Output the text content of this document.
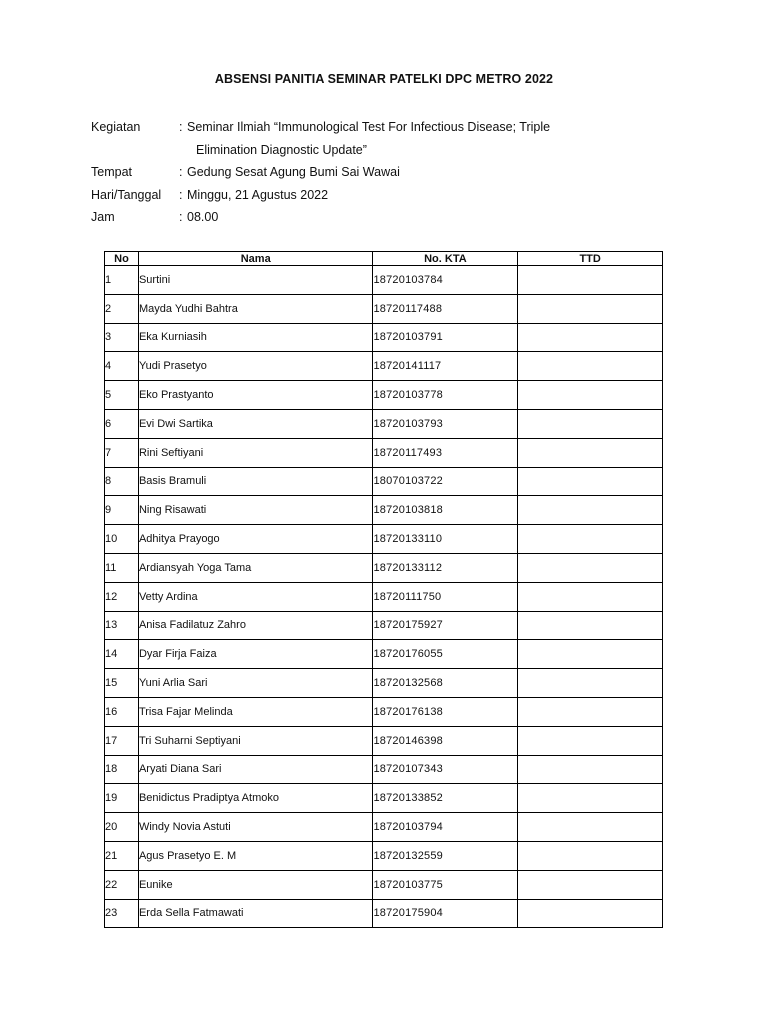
ABSENSI PANITIA SEMINAR PATELKI DPC METRO 2022
Kegiatan	: Seminar Ilmiah “Immunological Test For Infectious Disease; Triple
Elimination Diagnostic Update”
Tempat	: Gedung Sesat Agung Bumi Sai Wawai
Hari/Tanggal	: Minggu, 21 Agustus 2022
Jam	: 08.00
No	Nama	No. KTA	TTD
1	Surtini	18720103784	
2	Mayda Yudhi Bahtra	18720117488	
3	Eka Kurniasih	18720103791	
4	Yudi Prasetyo	18720141117	
5	Eko Prastyanto	18720103778	
6	Evi Dwi Sartika	18720103793	
7	Rini Seftiyani	18720117493	
8	Basis Bramuli	18070103722	
9	Ning Risawati	18720103818	
10	Adhitya Prayogo	18720133110	
11	Ardiansyah Yoga Tama	18720133112	
12	Vetty Ardina	18720111750	
13	Anisa Fadilatuz Zahro	18720175927	
14	Dyar Firja Faiza	18720176055	
15	Yuni Arlia Sari	18720132568	
16	Trisa Fajar Melinda	18720176138	
17	Tri Suharni Septiyani	18720146398	
18	Aryati Diana Sari	18720107343	
19	Benidictus Pradiptya Atmoko	18720133852	
20	Windy Novia Astuti	18720103794	
21	Agus Prasetyo E. M	18720132559	
22	Eunike	18720103775	
23	Erda Sella Fatmawati	18720175904	
